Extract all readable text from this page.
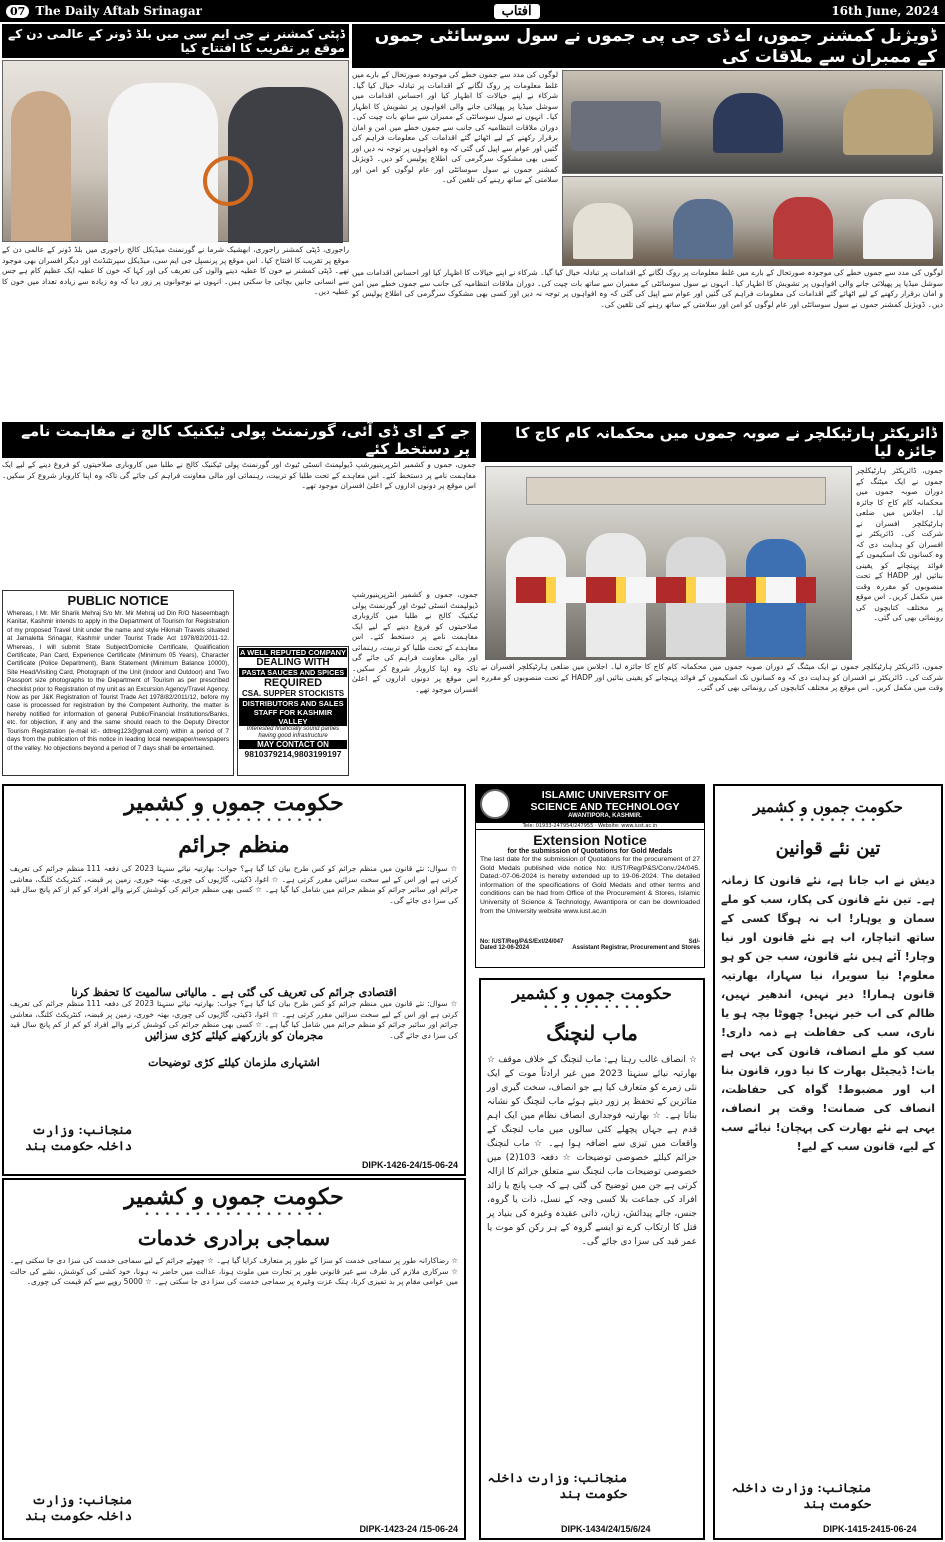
07 The Daily Aftab Srinagar	آفتاب	16th June, 2024
ڈویژنل کمشنر جموں، اے ڈی جی پی جموں نے سول سوسائٹی جموں کے ممبران سے ملاقات کی
لوگوں کی مدد سے جموں خطے کی موجودہ صورتحال کے بارے میں غلط معلومات پر روک لگانے کے اقدامات پر تبادلہ خیال کیا گیا۔ شرکاء نے اپنے خیالات کا اظہار کیا اور احساس اقدامات میں سوشل میڈیا پر پھیلائی جانے والی افواہوں پر تشویش کا اظہار کیا۔ انہوں نے سول سوسائٹی کے ممبران سے ساتھ بات چیت کی۔ دوران ملاقات انتظامیہ کی جانب سے جموں خطے میں امن و امان برقرار رکھنے کے لیے اٹھائے گئے اقدامات کی معلومات فراہم کی گئیں اور عوام سے اپیل کی گئی کہ وہ افواہوں پر توجہ نہ دیں اور کسی بھی مشکوک سرگرمی کی اطلاع پولیس کو دیں۔ ڈویژنل کمشنر جموں نے سول سوسائٹی اور عام لوگوں کو امن اور سلامتی کے ساتھ رہنے کی تلقین کی۔
لوگوں کی مدد سے جموں خطے کی موجودہ صورتحال کے بارے میں غلط معلومات پر روک لگانے کے اقدامات پر تبادلہ خیال کیا گیا۔ شرکاء نے اپنے خیالات کا اظہار کیا اور احساس اقدامات میں سوشل میڈیا پر پھیلائی جانے والی افواہوں پر تشویش کا اظہار کیا۔ انہوں نے سول سوسائٹی کے ممبران سے ساتھ بات چیت کی۔ دوران ملاقات انتظامیہ کی جانب سے جموں خطے میں امن و امان برقرار رکھنے کے لیے اٹھائے گئے اقدامات کی معلومات فراہم کی گئیں اور عوام سے اپیل کی گئی کہ وہ افواہوں پر توجہ نہ دیں اور کسی بھی مشکوک سرگرمی کی اطلاع پولیس کو دیں۔ ڈویژنل کمشنر جموں نے سول سوسائٹی اور عام لوگوں کو امن اور سلامتی کے ساتھ رہنے کی تلقین کی۔
ڈپٹی کمشنر نے جی ایم سی میں بلڈ ڈونر کے عالمی دن کے موقع پر تقریب کا افتتاح کیا
راجوری، ڈپٹی کمشنر راجوری، ابھشیک شرما نے گورنمنٹ میڈیکل کالج راجوری میں بلڈ ڈونر کے عالمی دن کے موقع پر تقریب کا افتتاح کیا۔ اس موقع پر پرنسپل جی ایم سی، میڈیکل سپرنٹنڈنٹ اور دیگر افسران بھی موجود تھے۔ ڈپٹی کمشنر نے خون کا عطیہ دینے والوں کی تعریف کی اور کہا کہ خون کا عطیہ ایک عظیم کام ہے جس سے انسانی جانیں بچائی جا سکتی ہیں۔ انہوں نے نوجوانوں پر زور دیا کہ وہ زیادہ سے زیادہ تعداد میں خون کا عطیہ دیں۔
ڈائریکٹر ہارٹیکلچر نے صوبہ جموں میں محکمانہ کام کاج کا جائزہ لیا
جموں، ڈائریکٹر ہارٹیکلچر جموں نے ایک میٹنگ کے دوران صوبہ جموں میں محکمانہ کام کاج کا جائزہ لیا۔ اجلاس میں ضلعی ہارٹیکلچر افسران نے شرکت کی۔ ڈائریکٹر نے افسران کو ہدایت دی کہ وہ کسانوں تک اسکیموں کے فوائد پہنچانے کو یقینی بنائیں اور HADP کے تحت منصوبوں کو مقررہ وقت میں مکمل کریں۔ اس موقع پر مختلف کتابچوں کی رونمائی بھی کی گئی۔
جموں، ڈائریکٹر ہارٹیکلچر جموں نے ایک میٹنگ کے دوران صوبہ جموں میں محکمانہ کام کاج کا جائزہ لیا۔ اجلاس میں ضلعی ہارٹیکلچر افسران نے شرکت کی۔ ڈائریکٹر نے افسران کو ہدایت دی کہ وہ کسانوں تک اسکیموں کے فوائد پہنچانے کو یقینی بنائیں اور HADP کے تحت منصوبوں کو مقررہ وقت میں مکمل کریں۔ اس موقع پر مختلف کتابچوں کی رونمائی بھی کی گئی۔
جے کے ای ڈی آئی، گورنمنٹ پولی ٹیکنیک کالج نے مفاہمت نامے پر دستخط کئے
جموں، جموں و کشمیر انٹرپرینیورشپ ڈیولپمنٹ انسٹی ٹیوٹ اور گورنمنٹ پولی ٹیکنیک کالج نے طلبا میں کاروباری صلاحیتوں کو فروغ دینے کے لیے ایک مفاہمت نامے پر دستخط کئے۔ اس معاہدے کے تحت طلبا کو تربیت، رہنمائی اور مالی معاونت فراہم کی جائے گی تاکہ وہ اپنا کاروبار شروع کر سکیں۔ اس موقع پر دونوں اداروں کے اعلیٰ افسران موجود تھے۔
PUBLIC NOTICE
Whereas, I Mr. Mir Sharik Mehraj S/o Mr. Mir Mehraj ud Din R/O Naseembagh Kanitar, Kashmir intends to apply in the Department of Tourism for Registration of my proposed Travel Unit under the name and style Hikmah Travels situated at Jamaletta Srinagar, Kashmir under Tourist Trade Act 1978/82/2011-12. Whereas, I will submit State Subject/Domicile Certificate, Qualification Certificate, Pan Card, Experience Certificate (Minimum 05 Years), Character Certificate (Police Department), Bank Statement (Minimum Balance 10000), Site Head/Visiting Card, Photograph of the Unit (Indoor and Outdoor) and Two Passport size photographs to the Department of Tourism as per prescribed checklist prior to Registration of my unit as an Excursion Agency/Travel Agency. Now as per J&K Registration of Tourist Trade Act 1978/82/2011/12, before my case is processed for registration by the Competent Authority, the matter is hereby notified for information of general Public/Financial Institutions/Banks, etc. for objection, if any and the same should reach to the Deputy Director Tourism Registration (e-mail id:- ddtreg123@gmail.com) within a period of 7 days from the publication of this notice in leading local newspaper/newspapers of the valley. No objections beyond a period of 7 days shall be entertained.
A WELL REPUTED COMPANY
DEALING WITH
PASTA SAUCES AND SPICES
REQUIRED
CSA. SUPPER STOCKISTS
DISTRIBUTORS AND SALES
STAFF FOR KASHMIR VALLEY
Interested financially sound parties having good infrastructure
MAY CONTACT ON
9810379214,9803199197
جموں، جموں و کشمیر انٹرپرینیورشپ ڈیولپمنٹ انسٹی ٹیوٹ اور گورنمنٹ پولی ٹیکنیک کالج نے طلبا میں کاروباری صلاحیتوں کو فروغ دینے کے لیے ایک مفاہمت نامے پر دستخط کئے۔ اس معاہدے کے تحت طلبا کو تربیت، رہنمائی اور مالی معاونت فراہم کی جائے گی تاکہ وہ اپنا کاروبار شروع کر سکیں۔ اس موقع پر دونوں اداروں کے اعلیٰ افسران موجود تھے۔
حکومت جموں و کشمیر
• • • • • • • • • • • • • • • • • •
منظم جرائم
☆ سوال: نئے قانون میں منظم جرائم کو کس طرح بیان کیا گیا ہے؟ جواب: بھارتیہ نیائے سنہتا 2023 کی دفعہ 111 منظم جرائم کی تعریف کرتی ہے اور اس کے لیے سخت سزائیں مقرر کرتی ہے۔ ☆ اغوا، ڈکیتی، گاڑیوں کی چوری، بھتہ خوری، زمین پر قبضہ، کنٹریکٹ کلنگ، معاشی جرائم اور سائبر جرائم کو منظم جرائم میں شامل کیا گیا ہے۔ ☆ کسی بھی منظم جرائم کی کوشش کرنے والے افراد کو کم از کم پانچ سال قید کی سزا دی جائے گی۔
اقتصادی جرائم کی تعریف کی گئی ہے ۔ مالیاتی سالمیت کا تحفظ کرنا
☆ سوال: نئے قانون میں منظم جرائم کو کس طرح بیان کیا گیا ہے؟ جواب: بھارتیہ نیائے سنہتا 2023 کی دفعہ 111 منظم جرائم کی تعریف کرتی ہے اور اس کے لیے سخت سزائیں مقرر کرتی ہے۔ ☆ اغوا، ڈکیتی، گاڑیوں کی چوری، بھتہ خوری، زمین پر قبضہ، کنٹریکٹ کلنگ، معاشی جرائم اور سائبر جرائم کو منظم جرائم میں شامل کیا گیا ہے۔ ☆ کسی بھی منظم جرائم کی کوشش کرنے والے افراد کو کم از کم پانچ سال قید کی سزا دی جائے گی۔
مجرمان کو بازرکھنے کیلئے کڑی سزائیں
اشتہاری ملزمان کیلئے کڑی توضیحات
منجانب: وزارت داخلہ حکومت ہند
DIPK-1426-24/15-06-24
حکومت جموں و کشمیر
• • • • • • • • • • • • • • • • • •
سماجی برادری خدمات
☆ رضاکارانہ طور پر سماجی خدمت کو سزا کے طور پر متعارف کرایا گیا ہے۔ ☆ چھوٹے جرائم کے لیے سماجی خدمت کی سزا دی جا سکتی ہے۔ ☆ سرکاری ملازم کی طرف سے غیر قانونی طور پر تجارت میں ملوث ہونا، عدالت میں حاضر نہ ہونا، خود کشی کی کوشش، نشے کی حالت میں عوامی مقام پر بد تمیزی کرنا، ہتک عزت وغیرہ پر سماجی خدمت کی سزا دی جا سکتی ہے۔ ☆ 5000 روپے سے کم قیمت کی چوری۔
منجانب: وزارت داخلہ حکومت ہند
DIPK-1423-24 /15-06-24
ISLAMIC UNIVERSITY OF
SCIENCE AND TECHNOLOGY
AWANTIPORA, KASHMIR.
Tele: 01933-247954/247955 · Website: www.iust.ac.in
Extension Notice
for the submission of Quotations for Gold Medals
The last date for the submission of Quotations for the procurement of 27 Gold Medals published vide notice No: IUST/Reg/P&S/Conv./24/045. Dated:-07-06-2024 is hereby extended up to 19-06-2024. The detailed information of the specifications of Gold Medals and other terms and conditions can be had from Office of the Procurement & Stores, Islamic University of Science & Technology, Awantipora or can be downloaded from the University website www.iust.ac.in
No: IUST/Reg/P&S/Ext/24/047	Sd/-
Dated 12-06-2024	Assistant Registrar, Procurement and Stores
حکومت جموں و کشمیر
• • • • • • • • • •
ماب لنچنگ
☆ انصاف غالب رہتا ہے: ماب لنچنگ کے خلاف موقف ☆ بھارتیہ نیائے سنہتا 2023 میں غیر ارادتاً موت کے ایک نئی زمرے کو متعارف کیا ہے جو انصاف، سخت گیری اور متاثرین کے تحفظ پر زور دیتے ہوئے ماب لنچنگ کو نشانہ بناتا ہے۔ ☆ بھارتیہ فوجداری انصاف نظام میں ایک اہم قدم ہے جہاں پچھلے کئی سالوں میں ماب لنچنگ کے واقعات میں تیزی سے اضافہ ہوا ہے۔ ☆ ماب لنچنگ جرائم کیلئے خصوصی توضیحات ☆ دفعہ 103(2) میں خصوصی توضیحات ماب لنچنگ سے متعلق جرائم کا ازالہ کرتی ہے جن میں توضیح کی گئی ہے کہ جب پانچ یا زائد افراد کی جماعت بلا کسی وجہ کے نسل، ذات یا گروہ، جنس، جائے پیدائش، زبان، ذاتی عقیدہ وغیرہ کی بنیاد پر قتل کا ارتکاب کرے تو ایسے گروہ کے ہر رکن کو موت یا عمر قید کی سزا دی جائے گی۔
منجانب: وزارت داخلہ حکومت ہند
DIPK-1434/24/15/6/24
حکومت جموں و کشمیر
• • • • • • • • • •
تین نئے قوانین
دیش نے اب جانا ہے، نئے قانون کا زمانہ ہے۔ تین نئے قانون کی پکار، سب کو ملے سمان و یوہار! اب نہ ہوگا کسی کے ساتھ اتیاچار، اب ہے نئے قانون اور نیا وچار! آئے ہیں نئے قانون، سب جن کو ہو معلوم! نیا سویرا، نیا سہارا، بھارتیہ قانون ہمارا! دیر نہیں، اندھیر نہیں، ظالم کی اب خیر نہیں! چھوٹا بچہ ہو یا ناری، سب کی حفاظت ہے ذمہ داری! سب کو ملے انصاف، قانون کی یہی ہے بات! ڈیجیٹل بھارت کا نیا دور، قانون بنا اب اور مضبوط! گواہ کی حفاظت، انصاف کی ضمانت! وقت پر انصاف، یہی ہے نئے بھارت کی پہچان! نیائے سب کے لیے، قانون سب کے لیے!
منجانب: وزارت داخلہ حکومت ہند
DIPK-1415-2415-06-24
